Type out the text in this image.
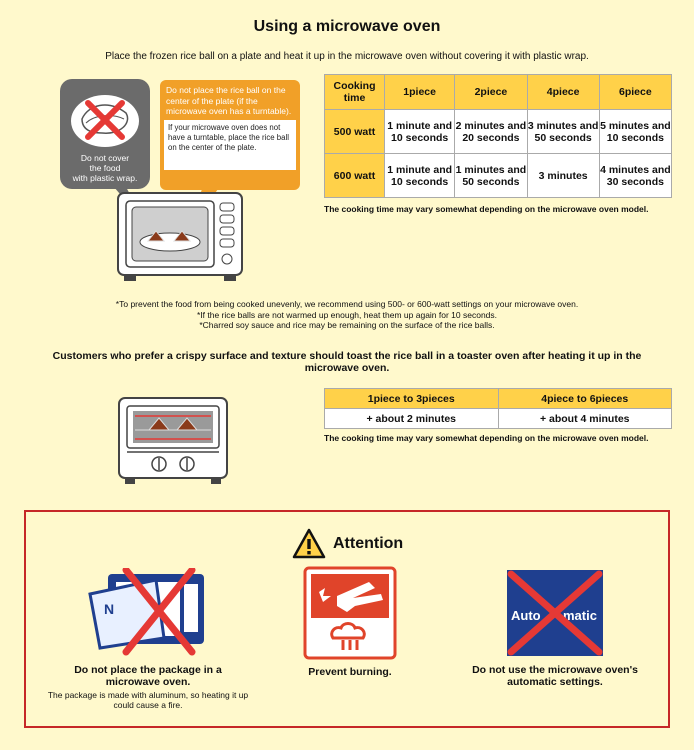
Using a microwave oven
Place the frozen rice ball on a plate and heat it up in the microwave oven without covering it with plastic wrap.
Do not cover
the food
with plastic wrap.
Do not place the rice ball on the center of the plate (if the microwave oven has a turntable).
If your microwave oven does not have a turntable, place the rice ball on the center of the plate.
Cooking time	1piece	2piece	4piece	6piece
500 watt	1 minute and 10 seconds	2 minutes and 20 seconds	3 minutes and 50 seconds	5 minutes and 10 seconds
600 watt	1 minute and 10 seconds	1 minutes and 50 seconds	3 minutes	4 minutes and 30 seconds
The cooking time may vary somewhat depending on the microwave oven model.
*To prevent the food from being cooked unevenly, we recommend using 500- or 600-watt settings on your microwave oven.
*If the rice balls are not warmed up enough, heat them up again for 10 seconds.
*Charred soy sauce and rice may be remaining on the surface of the rice balls.
Customers who prefer a crispy surface and texture should toast the rice ball in a toaster oven after heating it up in the microwave oven.
1piece to 3pieces	4piece to 6pieces
+ about 2 minutes	+ about 4 minutes
The cooking time may vary somewhat depending on the microwave oven model.
Attention
N
Do not place the package in a microwave oven.
The package is made with aluminum, so heating it up could cause a fire.
Prevent burning.
Auto matic
Do not use the microwave oven's automatic settings.
